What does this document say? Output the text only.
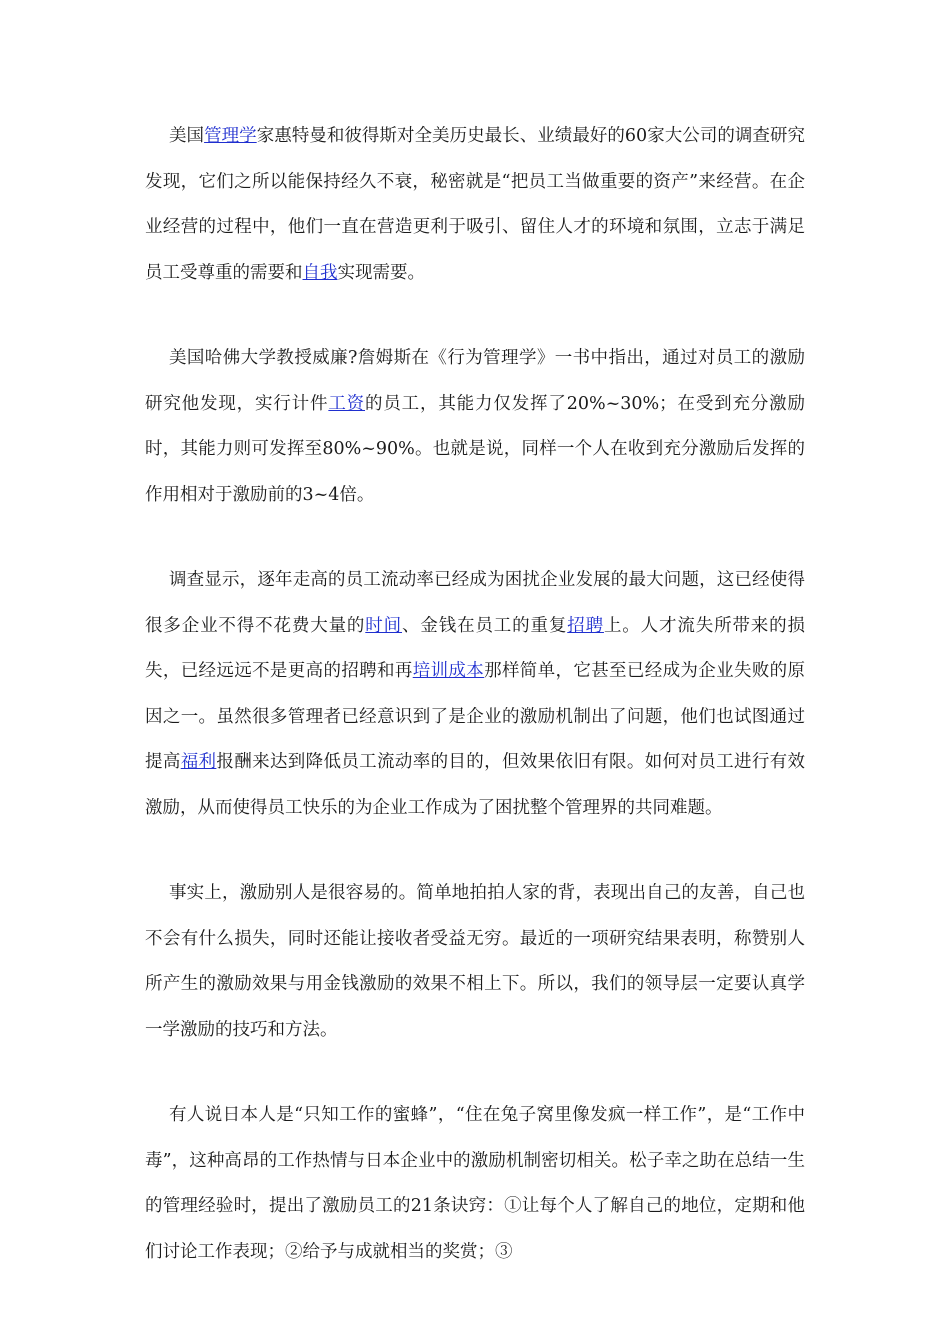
美国管理学家惠特曼和彼得斯对全美历史最长、业绩最好的60家大公司的调查研究发现，它们之所以能保持经久不衰，秘密就是“把员工当做重要的资产”来经营。在企业经营的过程中，他们一直在营造更利于吸引、留住人才的环境和氛围，立志于满足员工受尊重的需要和自我实现需要。

美国哈佛大学教授威廉?詹姆斯在《行为管理学》一书中指出，通过对员工的激励研究他发现，实行计件工资的员工，其能力仅发挥了20%~30%；在受到充分激励时，其能力则可发挥至80%~90%。也就是说，同样一个人在收到充分激励后发挥的作用相对于激励前的3~4倍。

调查显示，逐年走高的员工流动率已经成为困扰企业发展的最大问题，这已经使得很多企业不得不花费大量的时间、金钱在员工的重复招聘上。人才流失所带来的损失，已经远远不是更高的招聘和再培训成本那样简单，它甚至已经成为企业失败的原因之一。虽然很多管理者已经意识到了是企业的激励机制出了问题，他们也试图通过提高福利报酬来达到降低员工流动率的目的，但效果依旧有限。如何对员工进行有效激励，从而使得员工快乐的为企业工作成为了困扰整个管理界的共同难题。

事实上，激励别人是很容易的。简单地拍拍人家的背，表现出自己的友善，自己也不会有什么损失，同时还能让接收者受益无穷。最近的一项研究结果表明，称赞别人所产生的激励效果与用金钱激励的效果不相上下。所以，我们的领导层一定要认真学一学激励的技巧和方法。

有人说日本人是“只知工作的蜜蜂”，“住在兔子窝里像发疯一样工作”，是“工作中毒”，这种高昂的工作热情与日本企业中的激励机制密切相关。松子幸之助在总结一生的管理经验时，提出了激励员工的21条诀窍：①让每个人了解自己的地位，定期和他们讨论工作表现；②给予与成就相当的奖赏；③
